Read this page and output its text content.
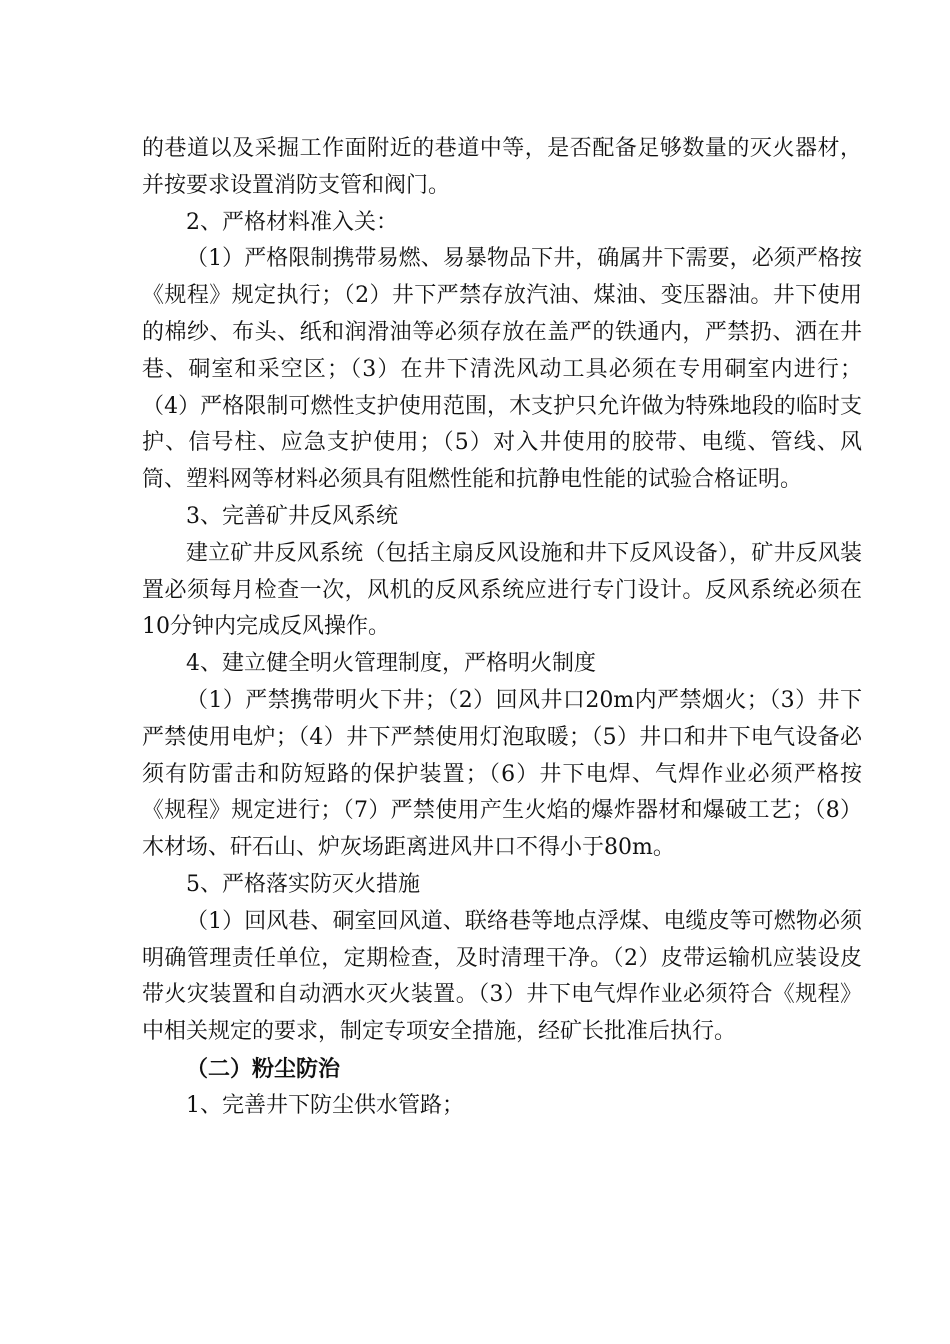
的巷道以及采掘工作面附近的巷道中等，是否配备足够数量的灭火器材，并按要求设置消防支管和阀门。

2、严格材料准入关：

（1）严格限制携带易燃、易暴物品下井，确属井下需要，必须严格按《规程》规定执行；（2）井下严禁存放汽油、煤油、变压器油。井下使用的棉纱、布头、纸和润滑油等必须存放在盖严的铁通内，严禁扔、洒在井巷、硐室和采空区；（3）在井下清洗风动工具必须在专用硐室内进行；（4）严格限制可燃性支护使用范围，木支护只允许做为特殊地段的临时支护、信号柱、应急支护使用；（5）对入井使用的胶带、电缆、管线、风筒、塑料网等材料必须具有阻燃性能和抗静电性能的试验合格证明。

3、完善矿井反风系统

建立矿井反风系统（包括主扇反风设施和井下反风设备），矿井反风装置必须每月检查一次，风机的反风系统应进行专门设计。反风系统必须在10分钟内完成反风操作。

4、建立健全明火管理制度，严格明火制度

（1）严禁携带明火下井；（2）回风井口20m内严禁烟火；（3）井下严禁使用电炉；（4）井下严禁使用灯泡取暖；（5）井口和井下电气设备必须有防雷击和防短路的保护装置；（6）井下电焊、气焊作业必须严格按《规程》规定进行；（7）严禁使用产生火焰的爆炸器材和爆破工艺；（8）木材场、矸石山、炉灰场距离进风井口不得小于80m。

5、严格落实防灭火措施

（1）回风巷、硐室回风道、联络巷等地点浮煤、电缆皮等可燃物必须明确管理责任单位，定期检查，及时清理干净。（2）皮带运输机应装设皮带火灾装置和自动洒水灭火装置。（3）井下电气焊作业必须符合《规程》中相关规定的要求，制定专项安全措施，经矿长批准后执行。

（二）粉尘防治

1、完善井下防尘供水管路；
